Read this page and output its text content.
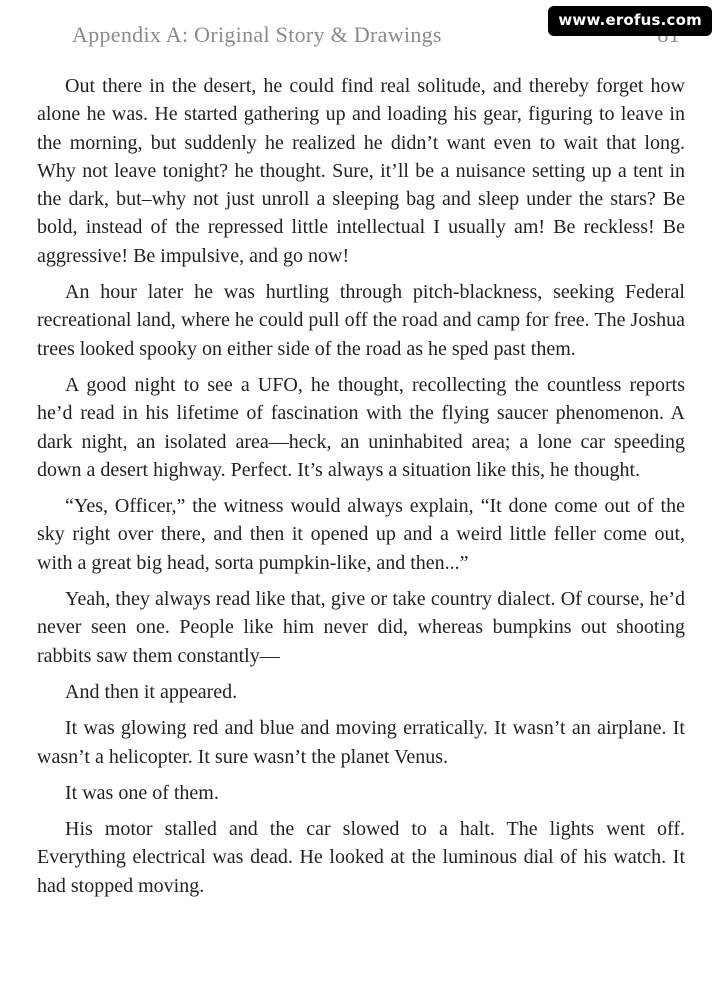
Appendix A: Original Story & Drawings
www.erofus.com

Out there in the desert, he could find real solitude, and thereby forget how alone he was. He started gathering up and loading his gear, figuring to leave in the morning, but suddenly he realized he didn’t want even to wait that long. Why not leave tonight? he thought. Sure, it’ll be a nuisance setting up a tent in the dark, but–why not just unroll a sleeping bag and sleep under the stars? Be bold, instead of the repressed little intellectual I usually am! Be reckless! Be aggressive! Be impulsive, and go now!

An hour later he was hurtling through pitch-blackness, seeking Federal recreational land, where he could pull off the road and camp for free. The Joshua trees looked spooky on either side of the road as he sped past them.

A good night to see a UFO, he thought, recollecting the countless reports he’d read in his lifetime of fascination with the flying saucer phenomenon. A dark night, an isolated area—heck, an uninhabited area; a lone car speeding down a desert highway. Perfect. It’s always a situation like this, he thought.

“Yes, Officer,” the witness would always explain, “It done come out of the sky right over there, and then it opened up and a weird little feller come out, with a great big head, sorta pumpkin-like, and then...”

Yeah, they always read like that, give or take country dialect. Of course, he’d never seen one. People like him never did, whereas bumpkins out shooting rabbits saw them constantly—

And then it appeared.

It was glowing red and blue and moving erratically. It wasn’t an airplane. It wasn’t a helicopter. It sure wasn’t the planet Venus.

It was one of them.

His motor stalled and the car slowed to a halt. The lights went off. Everything electrical was dead. He looked at the luminous dial of his watch. It had stopped moving.
